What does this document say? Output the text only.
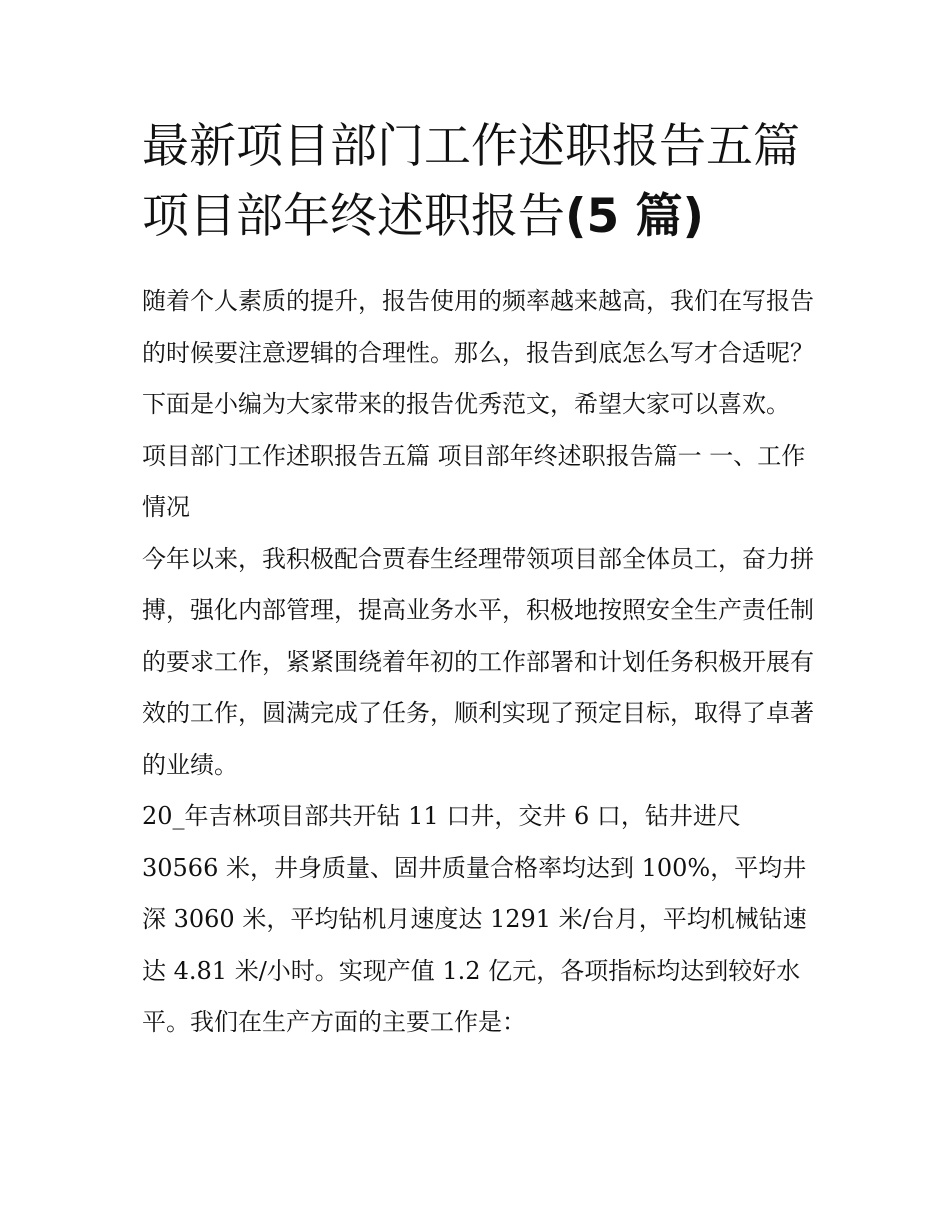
最新项目部门工作述职报告五篇 项目部年终述职报告(5 篇)

随着个人素质的提升，报告使用的频率越来越高，我们在写报告的时候要注意逻辑的合理性。那么，报告到底怎么写才合适呢？下面是小编为大家带来的报告优秀范文，希望大家可以喜欢。

项目部门工作述职报告五篇 项目部年终述职报告篇一 一、工作情况

今年以来，我积极配合贾春生经理带领项目部全体员工，奋力拼搏，强化内部管理，提高业务水平，积极地按照安全生产责任制的要求工作，紧紧围绕着年初的工作部署和计划任务积极开展有效的工作，圆满完成了任务，顺利实现了预定目标，取得了卓著的业绩。

20_年吉林项目部共开钻 11 口井，交井 6 口，钻井进尺 30566 米，井身质量、固井质量合格率均达到 100%，平均井深 3060 米，平均钻机月速度达 1291 米/台月，平均机械钻速达 4.81 米/小时。实现产值 1.2 亿元，各项指标均达到较好水平。我们在生产方面的主要工作是：
